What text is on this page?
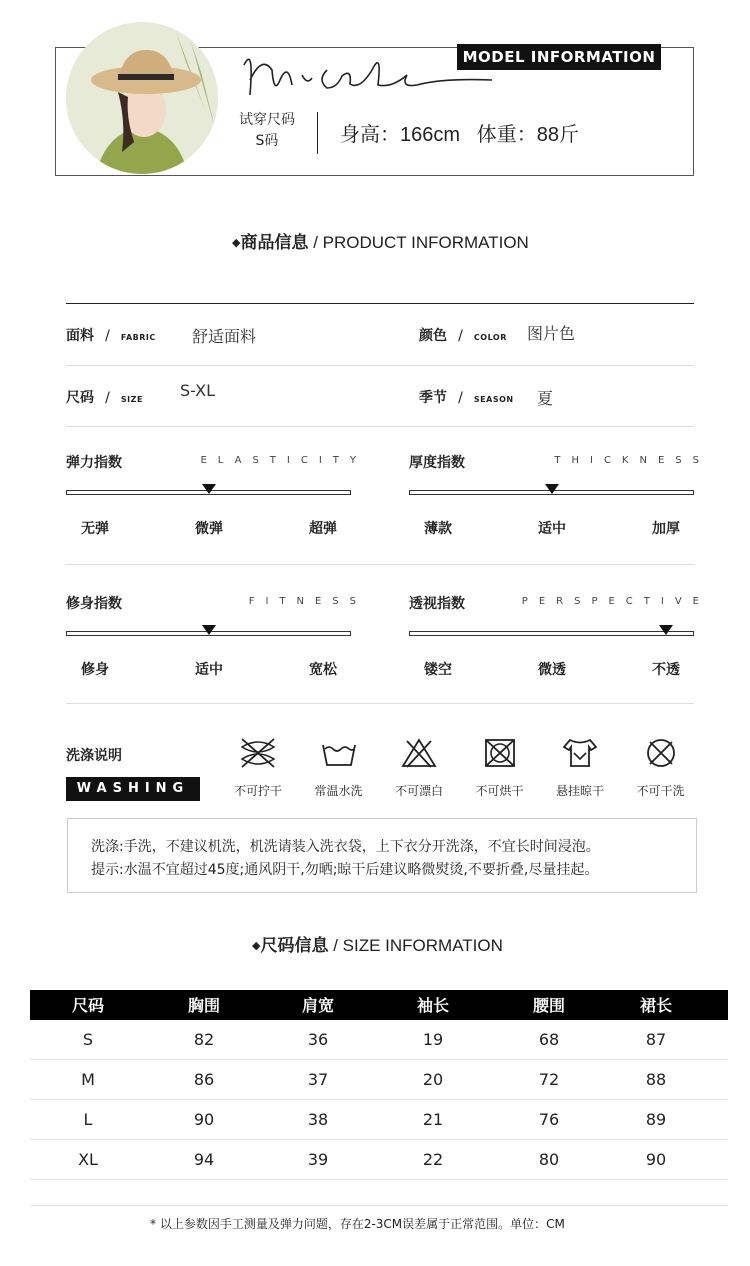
Nicole
MODEL INFORMATION
试穿尺码
S码	身高：166cm   体重：88斤
◆商品信息 / PRODUCT INFORMATION
面料 / FABRIC 舒适面料	颜色 / COLOR 图片色
尺码 / SIZE S-XL	季节 / SEASON 夏
弹力指数	ELASTICITY
无弹	微弹	超弹
厚度指数	THICKNESS
薄款	适中	加厚
修身指数	FITNESS
修身	适中	宽松
透视指数	PERSPECTIVE
镂空	微透	不透
洗涤说明
WASHING	不可拧干	常温水洗	不可漂白	不可烘干	悬挂晾干	不可干洗
洗涤:手洗，不建议机洗，机洗请装入洗衣袋，上下衣分开洗涤，不宜长时间浸泡。
提示:水温不宜超过45度;通风阴干,勿晒;晾干后建议略微熨烫,不要折叠,尽量挂起。
◆尺码信息 / SIZE INFORMATION
尺码	胸围	肩宽	袖长	腰围	裙长
S	82	36	19	68	87
M	86	37	20	72	88
L	90	38	21	76	89
XL	94	39	22	80	90
* 以上参数因手工测量及弹力问题，存在2-3CM误差属于正常范围。单位：CM
